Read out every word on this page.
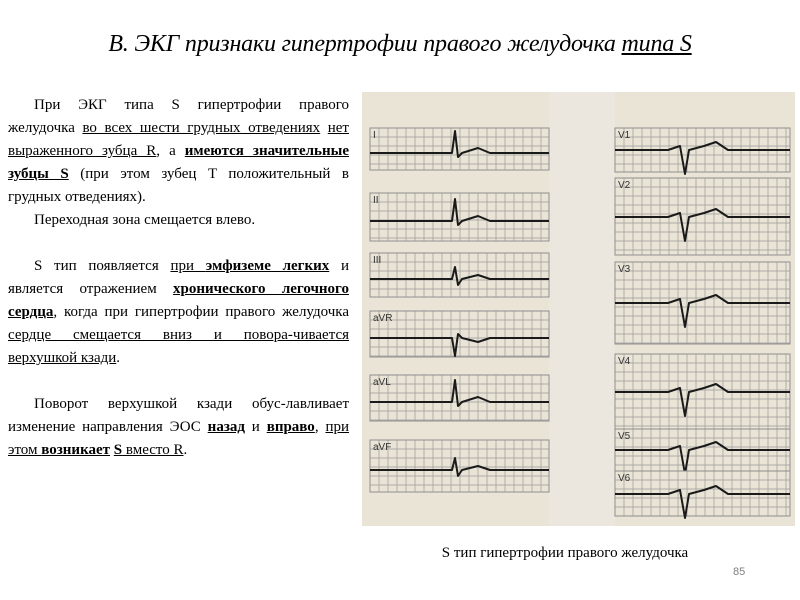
B. ЭКГ признаки гипертрофии правого желудочка типа S

При ЭКГ типа S гипертрофии правого желудочка во всех шести грудных отведениях нет выраженного зубца R, а имеются значительные зубцы S (при этом зубец T положительный в грудных отведениях).

Переходная зона смещается влево.

S тип появляется при эмфиземе легких и является отражением хронического легочного сердца, когда при гипертрофии правого желудочка сердце смещается вниз и повора-чивается верхушкой кзади.

Поворот верхушкой кзади обус-лавливает изменение направления ЭОС назад и вправо, при этом возникает S вместо R.

I
II
III
aVR
aVL
aVF
V1
V2
V3
V4
V5
V6
S тип гипертрофии правого желудочка
85
